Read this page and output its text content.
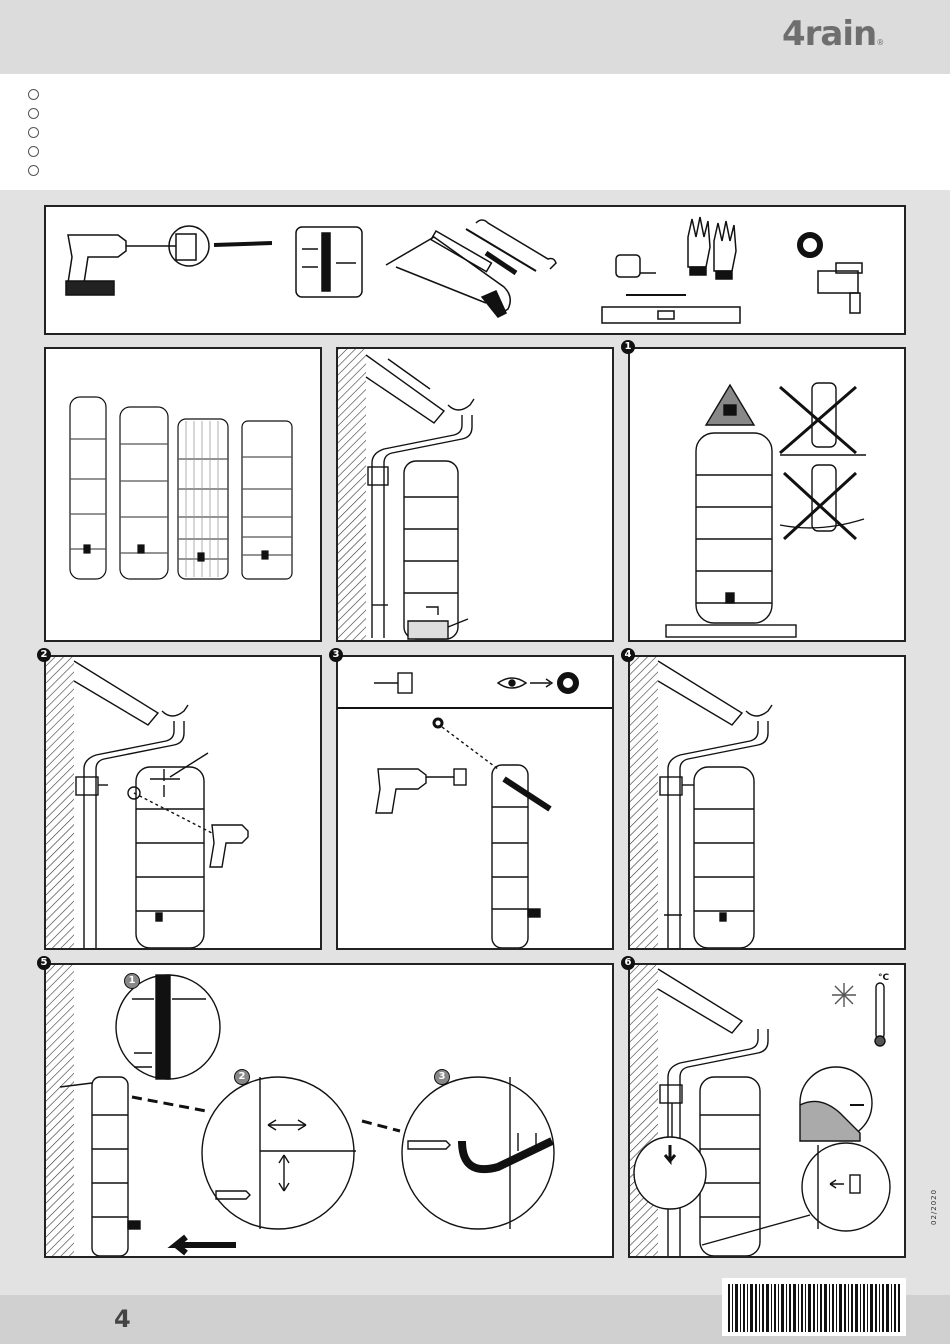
4rain®
1
2	3
°C
1
2	3	4
5	6
02/2020
4
